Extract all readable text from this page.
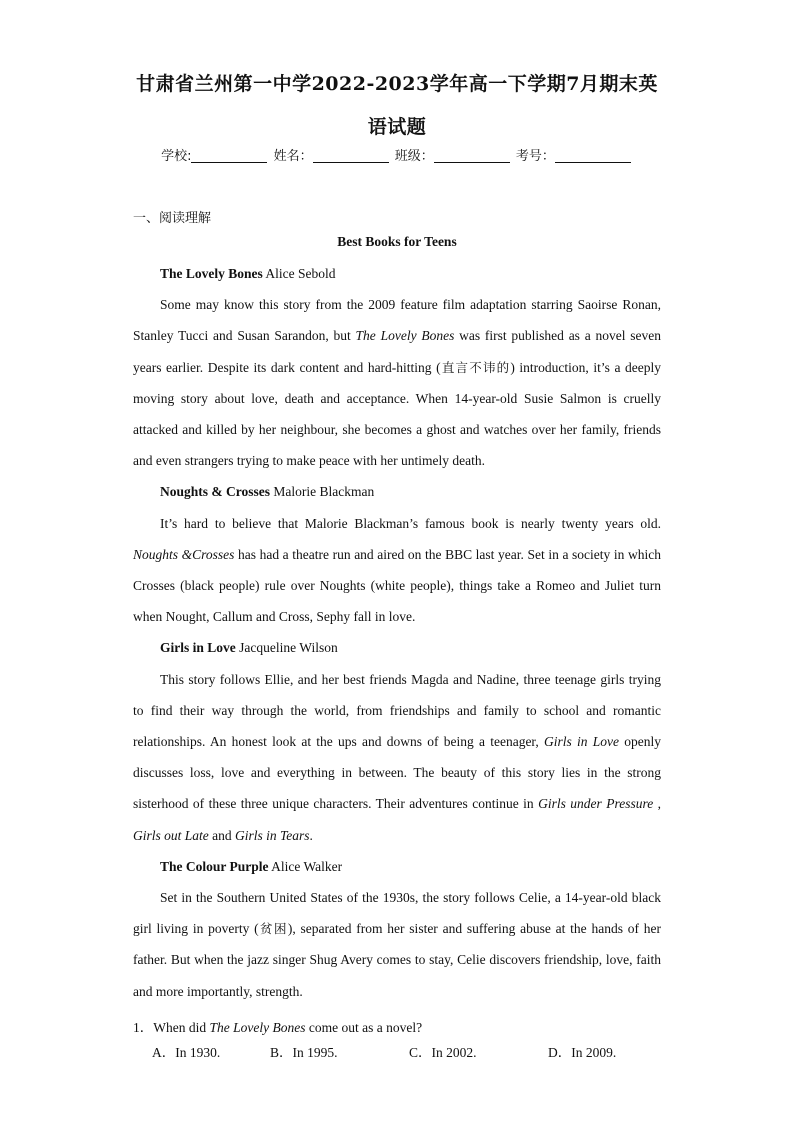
甘肃省兰州第一中学2022-2023学年高一下学期7月期末英
语试题
学校:	姓名：	班级：	考号：
一、阅读理解
Best Books for Teens

The Lovely Bones Alice Sebold

Some may know this story from the 2009 feature film adaptation starring Saoirse Ronan, Stanley Tucci and Susan Sarandon, but The Lovely Bones was first published as a novel seven years earlier. Despite its dark content and hard-hitting (直言不讳的) introduction, it’s a deeply moving story about love, death and acceptance. When 14-year-old Susie Salmon is cruelly attacked and killed by her neighbour, she becomes a ghost and watches over her family, friends and even strangers trying to make peace with her untimely death.

Noughts & Crosses Malorie Blackman

It’s hard to believe that Malorie Blackman’s famous book is nearly twenty years old. Noughts &Crosses has had a theatre run and aired on the BBC last year. Set in a society in which Crosses (black people) rule over Noughts (white people), things take a Romeo and Juliet turn when Nought, Callum and Cross, Sephy fall in love.

Girls in Love Jacqueline Wilson

This story follows Ellie, and her best friends Magda and Nadine, three teenage girls trying to find their way through the world, from friendships and family to school and romantic relationships. An honest look at the ups and downs of being a teenager, Girls in Love openly discusses loss, love and everything in between. The beauty of this story lies in the strong sisterhood of these three unique characters. Their adventures continue in Girls under Pressure , Girls out Late and Girls in Tears.

The Colour Purple Alice Walker

Set in the Southern United States of the 1930s, the story follows Celie, a 14-year-old black girl living in poverty (贫困), separated from her sister and suffering abuse at the hands of her father. But when the jazz singer Shug Avery comes to stay, Celie discovers friendship, love, faith and more importantly, strength.

1．When did The Lovely Bones come out as a novel?
A．In 1930.	B．In 1995.	C．In 2002.	D．In 2009.
